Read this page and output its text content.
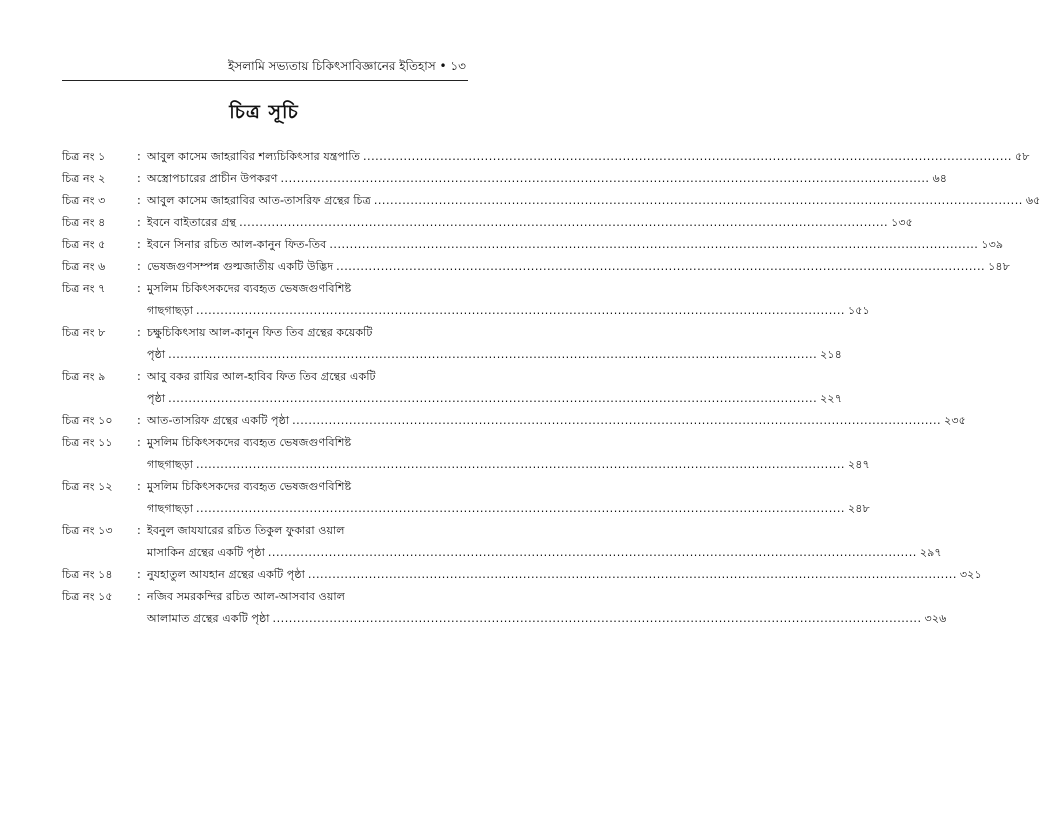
ইসলামি সভ্যতায় চিকিৎসাবিজ্ঞানের ইতিহাস • ১৩
চিত্র সূচি
চিত্র নং ১	: আবুল কাসেম জাহরাবির শল্যচিকিৎসার যন্ত্রপাতি .....	৫৮
চিত্র নং ২	: অস্ত্রোপচারের প্রাচীন উপকরণ .....	৬৪
চিত্র নং ৩	: আবুল কাসেম জাহরাবির আত-তাসরিফ গ্রন্থের চিত্র .....	৬৫
চিত্র নং ৪	: ইবনে বাইতারের গ্রন্থ .....	১৩৫
চিত্র নং ৫	: ইবনে সিনার রচিত আল-কানুন ফিত-তিব .....	১৩৯
চিত্র নং ৬	: ভেষজগুণসম্পন্ন গুল্মজাতীয় একটি উদ্ভিদ .....	১৪৮
চিত্র নং ৭	: মুসলিম চিকিৎসকদের ব্যবহৃত ভেষজগুণবিশিষ্ট
গাছগাছড়া .....	১৫১
চিত্র নং ৮	: চক্ষুচিকিৎসায় আল-কানুন ফিত তিব গ্রন্থের কয়েকটি
পৃষ্ঠা .....	২১৪
চিত্র নং ৯	: আবু বকর রাযির আল-হাবিব ফিত তিব গ্রন্থের একটি
পৃষ্ঠা .....	২২৭
চিত্র নং ১০	: আত-তাসরিফ গ্রন্থের একটি পৃষ্ঠা .....	২৩৫
চিত্র নং ১১	: মুসলিম চিকিৎসকদের ব্যবহৃত ভেষজগুণবিশিষ্ট
গাছগাছড়া .....	২৪৭
চিত্র নং ১২	: মুসলিম চিকিৎসকদের ব্যবহৃত ভেষজগুণবিশিষ্ট
গাছগাছড়া .....	২৪৮
চিত্র নং ১৩	: ইবনুল জাযযারের রচিত তিকুল ফুকারা ওয়াল
মাসাকিন গ্রন্থের একটি পৃষ্ঠা .....	২৯৭
চিত্র নং ১৪	: নুযহাতুল আযহান গ্রন্থের একটি পৃষ্ঠা .....	৩২১
চিত্র নং ১৫	: নজিব সমরকন্দির রচিত আল-আসবাব ওয়াল
আলামাত গ্রন্থের একটি পৃষ্ঠা .....	৩২৬
